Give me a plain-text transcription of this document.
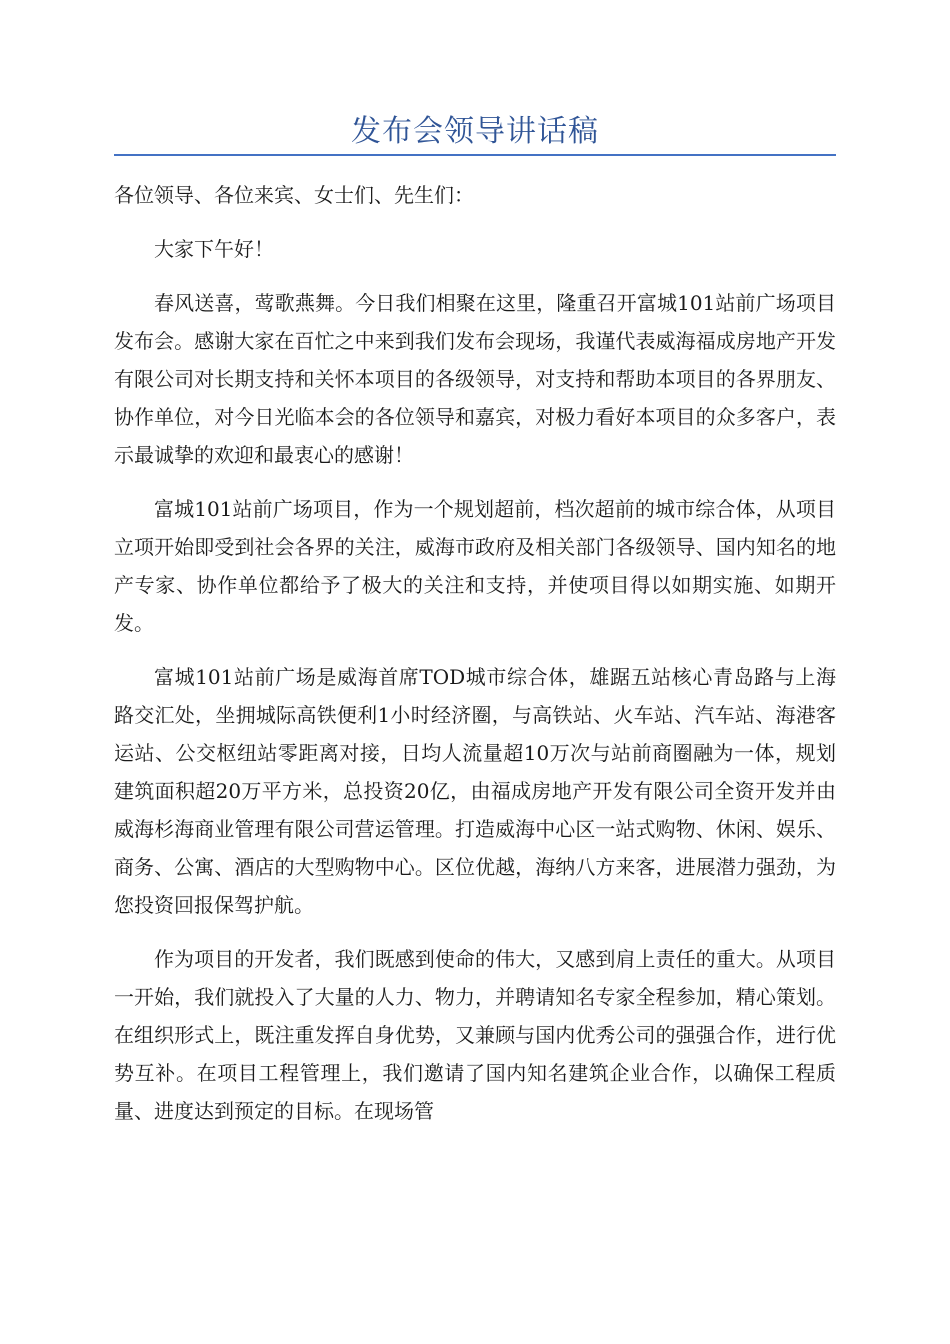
发布会领导讲话稿

各位领导、各位来宾、女士们、先生们：

大家下午好！

春风送喜，莺歌燕舞。今日我们相聚在这里，隆重召开富城101站前广场项目发布会。感谢大家在百忙之中来到我们发布会现场，我谨代表威海福成房地产开发有限公司对长期支持和关怀本项目的各级领导，对支持和帮助本项目的各界朋友、协作单位，对今日光临本会的各位领导和嘉宾，对极力看好本项目的众多客户，表示最诚挚的欢迎和最衷心的感谢！

富城101站前广场项目，作为一个规划超前，档次超前的城市综合体，从项目立项开始即受到社会各界的关注，威海市政府及相关部门各级领导、国内知名的地产专家、协作单位都给予了极大的关注和支持，并使项目得以如期实施、如期开发。

富城101站前广场是威海首席TOD城市综合体，雄踞五站核心青岛路与上海路交汇处，坐拥城际高铁便利1小时经济圈，与高铁站、火车站、汽车站、海港客运站、公交枢纽站零距离对接，日均人流量超10万次与站前商圈融为一体，规划建筑面积超20万平方米，总投资20亿，由福成房地产开发有限公司全资开发并由威海杉海商业管理有限公司营运管理。打造威海中心区一站式购物、休闲、娱乐、商务、公寓、酒店的大型购物中心。区位优越，海纳八方来客，进展潜力强劲，为您投资回报保驾护航。

作为项目的开发者，我们既感到使命的伟大，又感到肩上责任的重大。从项目一开始，我们就投入了大量的人力、物力，并聘请知名专家全程参加，精心策划。在组织形式上，既注重发挥自身优势，又兼顾与国内优秀公司的强强合作，进行优势互补。在项目工程管理上，我们邀请了国内知名建筑企业合作，以确保工程质量、进度达到预定的目标。在现场管
